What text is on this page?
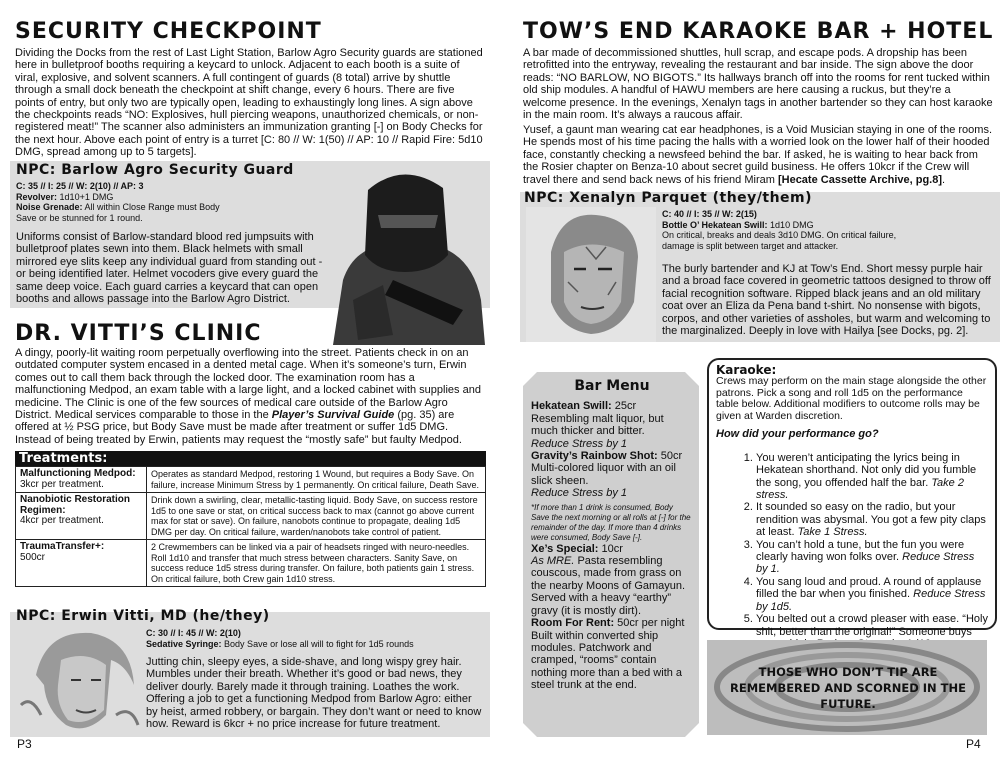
SECURITY CHECKPOINT
Dividing the Docks from the rest of Last Light Station, Barlow Agro Security guards are stationed here in bulletproof booths requiring a keycard to unlock. Adjacent to each booth is a suite of viral, explosive, and solvent scanners. A full contingent of guards (8 total) arrive by shuttle through a small dock beneath the checkpoint at shift change, every 6 hours. There are five points of entry, but only two are typically open, leading to exhaustingly long lines. A sign above the checkpoints reads “NO: Explosives, hull piercing weapons, unauthorized chemicals, or non-registered meat!” The scanner also administers an immunization granting [-] on Body Checks for the next hour. Above each point of entry is a turret [C: 80 // W: 1(50) // AP: 10 // Rapid Fire: 5d10 DMG, spread among up to 5 targets].
NPC: Barlow Agro Security Guard
C: 35 // I: 25 // W: 2(10) // AP: 3
Revolver: 1d10+1 DMG
Noise Grenade: All within Close Range must Body Save or be stunned for 1 round.
Uniforms consist of Barlow-standard blood red jumpsuits with bulletproof plates sewn into them. Black helmets with small mirrored eye slits keep any individual guard from standing out - or being identified later. Helmet vocoders give every guard the same deep voice. Each guard carries a keycard that can open booths and allows passage into the Barlow Agro District.
DR. VITTI’S CLINIC
A dingy, poorly-lit waiting room perpetually overflowing into the street. Patients check in on an outdated computer system encased in a dented metal cage. When it’s someone’s turn, Erwin comes out to call them back through the locked door. The examination room has a malfunctioning Medpod, an exam table with a large light, and a locked cabinet with supplies and medicine. The Clinic is one of the few sources of medical care outside of the Barlow Agro District. Medical services comparable to those in the Player’s Survival Guide (pg. 35) are offered at ½ PSG price, but Body Save must be made after treatment or suffer 1d5 DMG. Instead of being treated by Erwin, patients may request the “mostly safe” but faulty Medpod.
Treatments:
Malfunctioning Medpod:
3kcr per treatment.	Operates as standard Medpod, restoring 1 Wound, but requires a Body Save. On failure, increase Minimum Stress by 1 permanently. On critical failure, Death Save.
Nanobiotic Restoration Regimen:
4kcr per treatment.	Drink down a swirling, clear, metallic-tasting liquid. Body Save, on success restore 1d5 to one save or stat, on critical success back to max (cannot go above current max for stat or save). On failure, nanobots continue to propagate, dealing 1d5 DMG per day. On critical failure, warden/nanobots take control of patient.
TraumaTransfer+:
500cr	2 Crewmembers can be linked via a pair of headsets ringed with neuro-needles. Roll 1d10 and transfer that much stress between characters. Sanity Save, on success reduce 1d5 stress during transfer. On failure, both patients gain 1 stress. On critical failure, both Crew gain 1d10 stress.
NPC: Erwin Vitti, MD (he/they)
C: 30 // I: 45 // W: 2(10)
Sedative Syringe: Body Save or lose all will to fight for 1d5 rounds
Jutting chin, sleepy eyes, a side-shave, and long wispy grey hair. Mumbles under their breath. Whether it’s good or bad news, they deliver dourly. Barely made it through training. Loathes the work. Offering a job to get a functioning Medpod from Barlow Agro: either by heist, armed robbery, or bargain. They don’t want or need to know how. Reward is 6kcr + no price increase for future treatment.
P3
TOW’S END KARAOKE BAR + HOTEL
A bar made of decommissioned shuttles, hull scrap, and escape pods. A dropship has been retrofitted into the entryway, revealing the restaurant and bar inside. The sign above the door reads: “NO BARLOW, NO BIGOTS.” Its hallways branch off into the rooms for rent tucked within old ship modules. A handful of HAWU members are here causing a ruckus, but they’re a welcome presence. In the evenings, Xenalyn tags in another bartender so they can host karaoke in the main room. It’s always a raucous affair.
Yusef, a gaunt man wearing cat ear headphones, is a Void Musician staying in one of the rooms. He spends most of his time pacing the halls with a worried look on the lower half of their hooded face, constantly checking a newsfeed behind the bar. If asked, he is waiting to hear back from the Rosier chapter on Benza-10 about secret guild business. He offers 10kcr if the Crew will travel there and send back news of his friend Miram [Hecate Cassette Archive, pg.8].
NPC: Xenalyn Parquet (they/them)
C: 40 // I: 35 // W: 2(15)
Bottle O’ Hekatean Swill: 1d10 DMG
On critical, breaks and deals 3d10 DMG. On critical failure, damage is split between target and attacker.
The burly bartender and KJ at Tow’s End. Short messy purple hair and a broad face covered in geometric tattoos designed to throw off facial recognition software. Ripped black jeans and an old military coat over an Eliza da Pena band t-shirt. No nonsense with bigots, corpos, and other varieties of assholes, but warm and welcoming to the marginalized. Deeply in love with Hailya [see Docks, pg. 2].
Bar Menu
Hekatean Swill: 25cr
Resembling malt liquor, but much thicker and bitter.
Reduce Stress by 1
Gravity’s Rainbow Shot: 50cr
Multi-colored liquor with an oil slick sheen.
Reduce Stress by 1
*If more than 1 drink is consumed, Body Save the next morning or all rolls at [-] for the remainder of the day. If more than 4 drinks were consumed, Body Save [-].
Xe’s Special: 10cr
As MRE. Pasta resembling couscous, made from grass on the nearby Moons of Gamayun. Served with a heavy “earthy” gravy (it is mostly dirt).
Room For Rent: 50cr per night
Built within converted ship modules. Patchwork and cramped, “rooms” contain nothing more than a bed with a steel trunk at the end.
Karaoke:
Crews may perform on the main stage alongside the other patrons. Pick a song and roll 1d5 on the performance table below. Additional modifiers to outcome rolls may be given at Warden discretion.
How did your performance go?
1. You weren’t anticipating the lyrics being in Hekatean shorthand. Not only did you fumble the song, you offended half the bar. Take 2 stress.
2. It sounded so easy on the radio, but your rendition was abysmal. You got a few pity claps at least. Take 1 Stress.
3. You can’t hold a tune, but the fun you were clearly having won folks over. Reduce Stress by 1.
4. You sang loud and proud. A round of applause filled the bar when you finished. Reduce Stress by 1d5.
5. You belted out a crowd pleaser with ease. “Holy shit, better than the original!” Someone buys
THOSE WHO DON’T TIP ARE REMEMBERED AND SCORNED IN THE FUTURE.
P4
